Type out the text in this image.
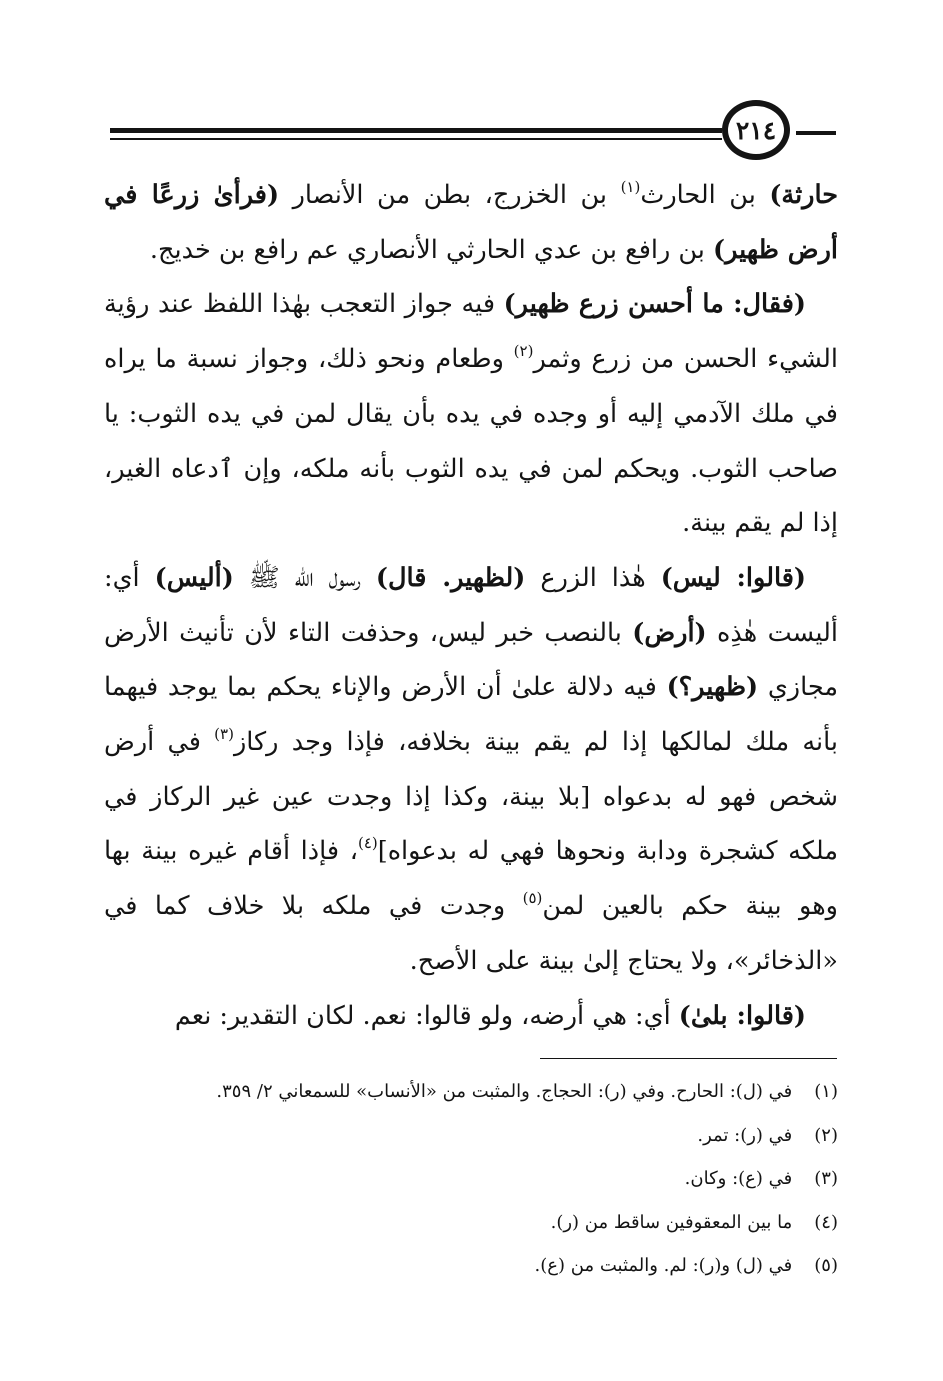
٢١٤

حارثة) بن الحارث$^{(١)}$ بن الخزرج، بطن من الأنصار (فرأىٰ زرعًا في أرض ظهير) بن رافع بن عدي الحارثي الأنصاري عم رافع بن خديج.

(فقال: ما أحسن زرع ظهير) فيه جواز التعجب بهٰذا اللفظ عند رؤية الشيء الحسن من زرع وثمر$^{(٢)}$ وطعام ونحو ذلك، وجواز نسبة ما يراه في ملك الآدمي إليه أو وجده في يده بأن يقال لمن في يده الثوب: يا صاحب الثوب. ويحكم لمن في يده الثوب بأنه ملكه، وإن ٱدعاه الغير، إذا لم يقم بينة.

(قالوا: ليس) هٰذا الزرع (لظهير. قال) رسول الله ﷺ (أليس) أي: أليست هٰذِه (أرض) بالنصب خبر ليس، وحذفت التاء لأن تأنيث الأرض مجازي (ظهير؟) فيه دلالة علىٰ أن الأرض والإناء يحكم بما يوجد فيهما بأنه ملك لمالكها إذا لم يقم بينة بخلافه، فإذا وجد ركاز$^{(٣)}$ في أرض شخص فهو له بدعواه [بلا بينة، وكذا إذا وجدت عين غير الركاز في ملكه كشجرة ودابة ونحوها فهي له بدعواه]$^{(٤)}$، فإذا أقام غيره بينة بها وهو بينة حكم بالعين لمن$^{(٥)}$ وجدت في ملكه بلا خلاف كما في «الذخائر»، ولا يحتاج إلىٰ بينة على الأصح.

(قالوا: بلىٰ) أي: هي أرضه، ولو قالوا: نعم. لكان التقدير: نعم

(١) في (ل): الحارح. وفي (ر): الحجاج. والمثبت من «الأنساب» للسمعاني ٢/ ٣٥٩.
(٢) في (ر): تمر.
(٣) في (ع): وكان.
(٤) ما بين المعقوفين ساقط من (ر).
(٥) في (ل) و(ر): لم. والمثبت من (ع).
